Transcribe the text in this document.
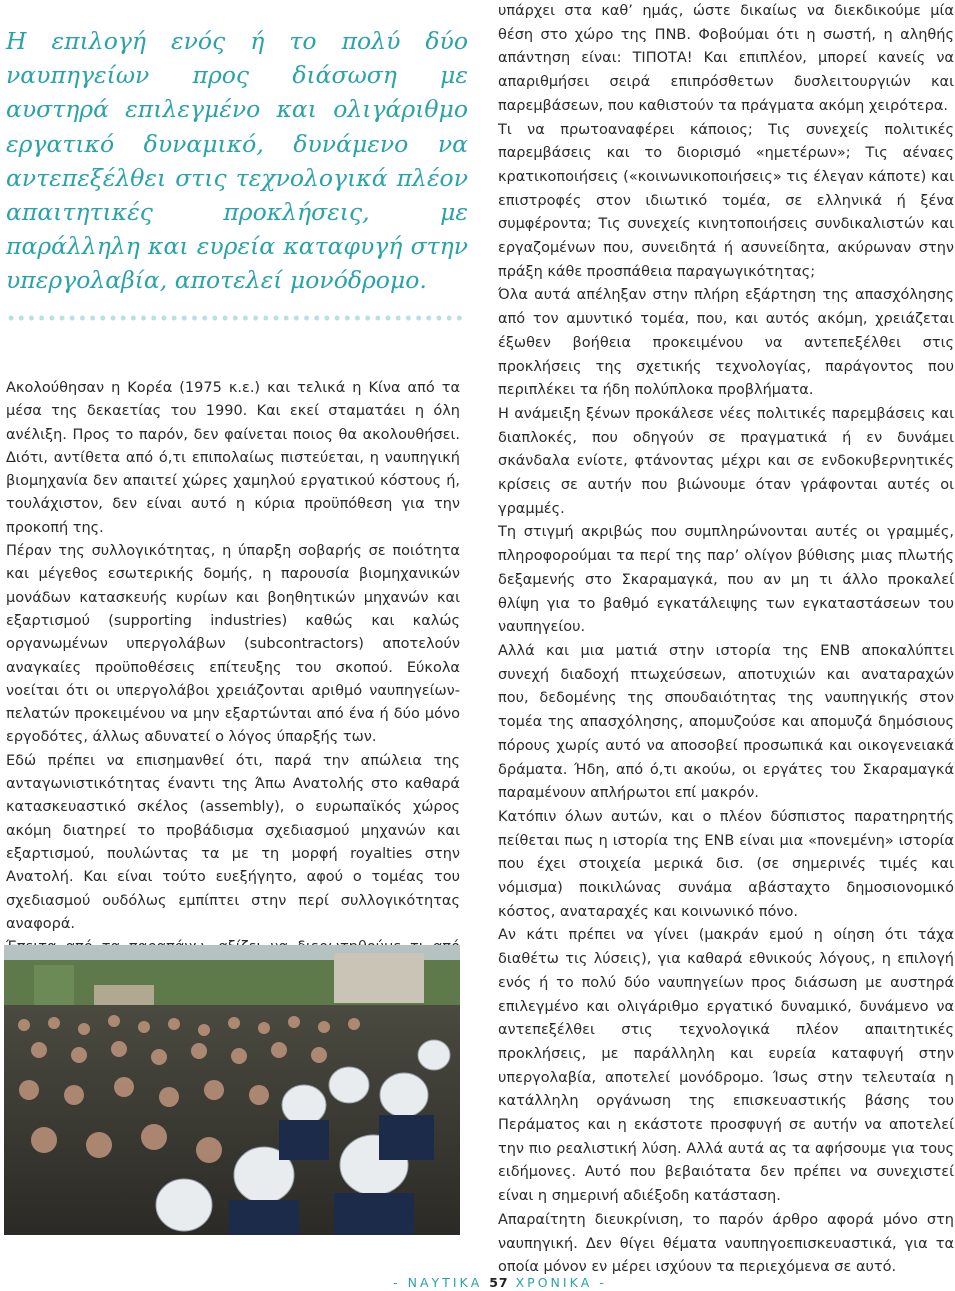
Η επιλογή ενός ή το πολύ δύο ναυπηγείων προς διάσωση με αυστηρά επιλεγμένο και ολιγάριθμο εργατικό δυναμικό, δυνάμενο να αντεπεξέλθει στις τεχνολογικά πλέον απαιτητικές προκλήσεις, με παράλληλη και ευρεία καταφυγή στην υπεργολαβία, αποτελεί μονόδρομο.

Ακολούθησαν η Κορέα (1975 κ.ε.) και τελικά η Κίνα από τα μέσα της δεκαετίας του 1990. Και εκεί σταματάει η όλη ανέλιξη. Προς το παρόν, δεν φαίνεται ποιος θα ακολουθήσει. Διότι, αντίθετα από ό,τι επιπολαίως πιστεύεται, η ναυπηγική βιομηχανία δεν απαιτεί χώρες χαμηλού εργατικού κόστους ή, τουλάχιστον, δεν είναι αυτό η κύρια προϋπόθεση για την προκοπή της.

Πέραν της συλλογικότητας, η ύπαρξη σοβαρής σε ποιότητα και μέγεθος εσωτερικής δομής, η παρουσία βιομηχανικών μονάδων κατασκευής κυρίων και βοηθητικών μηχανών και εξαρτισμού (supporting industries) καθώς και καλώς οργανωμένων υπεργολάβων (subcontractors) αποτελούν αναγκαίες προϋποθέσεις επίτευξης του σκοπού. Εύκολα νοείται ότι οι υπεργολάβοι χρειάζονται αριθμό ναυπηγείων-πελατών προκειμένου να μην εξαρτώνται από ένα ή δύο μόνο εργοδότες, άλλως αδυνατεί ο λόγος ύπαρξής των.

Εδώ πρέπει να επισημανθεί ότι, παρά την απώλεια της ανταγωνιστικότητας έναντι της Άπω Ανατολής στο καθαρά κατασκευαστικό σκέλος (assembly), ο ευρωπαϊκός χώρος ακόμη διατηρεί το προβάδισμα σχεδιασμού μηχανών και εξαρτισμού, πουλώντας τα με τη μορφή royalties στην Ανατολή. Και είναι τούτο ευεξήγητο, αφού ο τομέας του σχεδιασμού ουδόλως εμπίπτει στην περί συλλογικότητας αναφορά.

υπάρχει στα καθ’ ημάς, ώστε δικαίως να διεκδικούμε μία θέση στο χώρο της ΠΝΒ. Φοβούμαι ότι η σωστή, η αληθής απάντηση είναι: ΤΙΠΟΤΑ! Και επιπλέον, μπορεί κανείς να απαριθμήσει σειρά επιπρόσθετων δυσλειτουργιών και παρεμβάσεων, που καθιστούν τα πράγματα ακόμη χειρότερα.

Τι να πρωτοαναφέρει κάποιος; Τις συνεχείς πολιτικές παρεμβάσεις και το διορισμό «ημετέρων»; Τις αέναες κρατικοποιήσεις («κοινωνικοποιήσεις» τις έλεγαν κάποτε) και επιστροφές στον ιδιωτικό τομέα, σε ελληνικά ή ξένα συμφέροντα; Τις συνεχείς κινητοποιήσεις συνδικαλιστών και εργαζομένων που, συνειδητά ή ασυνείδητα, ακύρωναν στην πράξη κάθε προσπάθεια παραγωγικότητας;

Όλα αυτά απέληξαν στην πλήρη εξάρτηση της απασχόλησης από τον αμυντικό τομέα, που, και αυτός ακόμη, χρειάζεται έξωθεν βοήθεια προκειμένου να αντεπεξέλθει στις προκλήσεις της σχετικής τεχνολογίας, παράγοντος που περιπλέκει τα ήδη πολύπλοκα προβλήματα.

Η ανάμειξη ξένων προκάλεσε νέες πολιτικές παρεμβάσεις και διαπλοκές, που οδηγούν σε πραγματικά ή εν δυνάμει σκάνδαλα ενίοτε, φτάνοντας μέχρι και σε ενδοκυβερνητικές κρίσεις σε αυτήν που βιώνουμε όταν γράφονται αυτές οι γραμμές.

Τη στιγμή ακριβώς που συμπληρώνονται αυτές οι γραμμές, πληροφορούμαι τα περί της παρ’ ολίγον βύθισης μιας πλωτής δεξαμενής στο Σκαραμαγκά, που αν μη τι άλλο προκαλεί θλίψη για το βαθμό εγκατάλειψης των εγκαταστάσεων του ναυπηγείου.

Αλλά και μια ματιά στην ιστορία της ΕΝΒ αποκαλύπτει συνεχή διαδοχή πτωχεύσεων, αποτυχιών και αναταραχών που, δεδομένης της σπουδαιότητας της ναυπηγικής στον τομέα της απασχόλησης, απομυζούσε και απομυζά δημόσιους πόρους χωρίς αυτό να αποσοβεί προσωπικά και οικογενειακά δράματα. Ήδη, από ό,τι ακούω, οι εργάτες του Σκαραμαγκά παραμένουν απλήρωτοι επί μακρόν.

Κατόπιν όλων αυτών, και ο πλέον δύσπιστος παρατηρητής πείθεται πως η ιστορία της ΕΝΒ είναι μια «πονεμένη» ιστορία που έχει στοιχεία μερικά δισ. (σε σημερινές τιμές και νόμισμα) ποικιλώνας συνάμα αβάσταχτο δημοσιονομικό κόστος, αναταραχές και κοινωνικό πόνο.

Αν κάτι πρέπει να γίνει (μακράν εμού η οίηση ότι τάχα διαθέτω τις λύσεις), για καθαρά εθνικούς λόγους, η επιλογή ενός ή το πολύ δύο ναυπηγείων προς διάσωση με αυστηρά επιλεγμένο και ολιγάριθμο εργατικό δυναμικό, δυνάμενο να αντεπεξέλθει στις τεχνολογικά πλέον απαιτητικές προκλήσεις, με παράλληλη και ευρεία καταφυγή στην υπεργολαβία, αποτελεί μονόδρομο. Ίσως στην τελευταία η κατάλληλη οργάνωση της επισκευαστικής βάσης του Περάματος και η εκάστοτε προσφυγή σε αυτήν να αποτελεί την πιο ρεαλιστική λύση. Αλλά αυτά ας τα αφήσουμε για τους ειδήμονες. Αυτό που βεβαιότατα δεν πρέπει να συνεχιστεί είναι η σημερινή αδιέξοδη κατάσταση.

Απαραίτητη διευκρίνιση, το παρόν άρθρο αφορά μόνο στη ναυπηγική. Δεν θίγει θέματα ναυπηγοεπισκευαστικά, για τα οποία μόνον εν μέρει ισχύουν τα περιεχόμενα σε αυτό.

- ΝΑΥΤΙΚΑ 57 ΧΡΟΝΙΚΑ -
